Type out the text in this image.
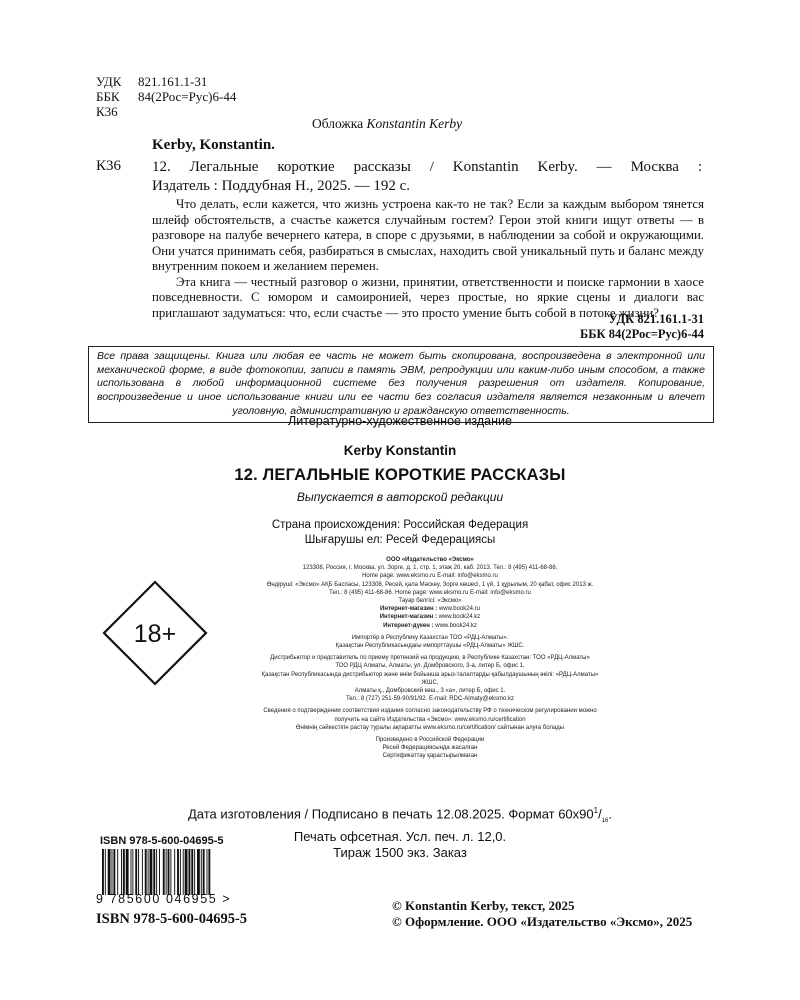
УДК 821.161.1-31
ББК 84(2Рос=Рус)6-44
К36
Обложка Konstantin Kerby
Kerby, Konstantin.
К36 12. Легальные короткие рассказы / Konstantin Kerby. — Москва :
Издатель : Поддубная Н., 2025. — 192 с.

Что делать, если кажется, что жизнь устроена как-то не так? Если за каждым выбором тянется шлейф обстоятельств, а счастье кажется случайным гостем? Герои этой книги ищут ответы — в разговоре на палубе вечернего катера, в споре с друзьями, в наблюдении за собой и окружающими. Они учатся принимать себя, разбираться в смыслах, находить свой уникальный путь и баланс между внутренним покоем и желанием перемен.

Эта книга — честный разговор о жизни, принятии, ответственности и поиске гармонии в хаосе повседневности. С юмором и самоиронией, через простые, но яркие сцены и диалоги вас приглашают задуматься: что, если счастье — это просто умение быть собой в потоке жизни?

УДК 821.161.1-31
ББК 84(2Рос=Рус)6-44
Все права защищены. Книга или любая ее часть не может быть скопирована, воспроизведена в электронной или механической форме, в виде фотокопии, записи в память ЭВМ, репродукции или каким-либо иным способом, а также использована в любой информационной системе без получения разрешения от издателя. Копирование, воспроизведение и иное использование книги или ее части без согласия издателя является незаконным и влечет уголовную, административную и гражданскую ответственность.
Литературно-художественное издание
Kerby Konstantin
12. ЛЕГАЛЬНЫЕ КОРОТКИЕ РАССКАЗЫ
Выпускается в авторской редакции
Страна происхождения: Российская Федерация
Шығарушы ел: Ресей Федерациясы
ООО «Издательство «Эксмо»
123308, Россия, г. Москва, ул. Зорге, д. 1, стр. 1, этаж 20, каб. 2013. Тел.: 8 (495) 411-68-86.
Home page: www.eksmo.ru E-mail: info@eksmo.ru
Өндіруші: «Эксмо» АҚБ Баспасы, 123308, Ресей, қала Мәскеу, Зорге көшесі, 1 үй, 1 құрылым, 20 қабат, офис 2013 ж.
Тел.: 8 (495) 411-68-86. Home page: www.eksmo.ru E-mail: info@eksmo.ru
Тауар белгісі: «Эксмо»
Интернет-магазин : www.book24.ru
Интернет-магазин : www.book24.kz
Интернет-дүкен : www.book24.kz
Импортёр в Республику Казахстан ТОО «РДЦ-Алматы».
Қазақстан Республикасындағы импорттаушы «РДЦ-Алматы» ЖШС.
Дистрибьютор и представитель по приему претензий на продукцию, в Республике Казахстан: ТОО «РДЦ-Алматы»
ТОО РДЦ Алматы, Алматы, ул. Домбровского, 3-а, литер Б, офис 1.
Қазақстан Республикасында дистрибьютор және өнім бойынша арыз-талаптарды қабылдаушының өкілі: «РДЦ-Алматы» ЖШС,
Алматы қ., Домбровский көш., 3 «а», литер Б, офис 1.
Тел.: 8 (727) 251-59-90/91/92. E-mail: RDC-Almaty@eksmo.kz
Сведения о подтверждении соответствия издания согласно законодательству РФ о техническом регулировании можно получить на сайте Издательства «Эксмо»: www.eksmo.ru/certification
Өнімнің сәйкестігін растау туралы ақпаратты www.eksmo.ru/certification/ сайтынан алуға болады
Произведено в Российской Федерации
Ресей Федерациясында жасалған
Сертификаттау қарастырылмаған
18+
Дата изготовления / Подписано в печать 12.08.2025. Формат $60х90^1/_{16}$.
Печать офсетная. Усл. печ. л. 12,0.
Тираж 1500 экз. Заказ
ISBN 978-5-600-04695-5
9 785600 046955 >
ISBN 978-5-600-04695-5
© Konstantin Kerby, текст, 2025
© Оформление. ООО «Издательство «Эксмо», 2025
